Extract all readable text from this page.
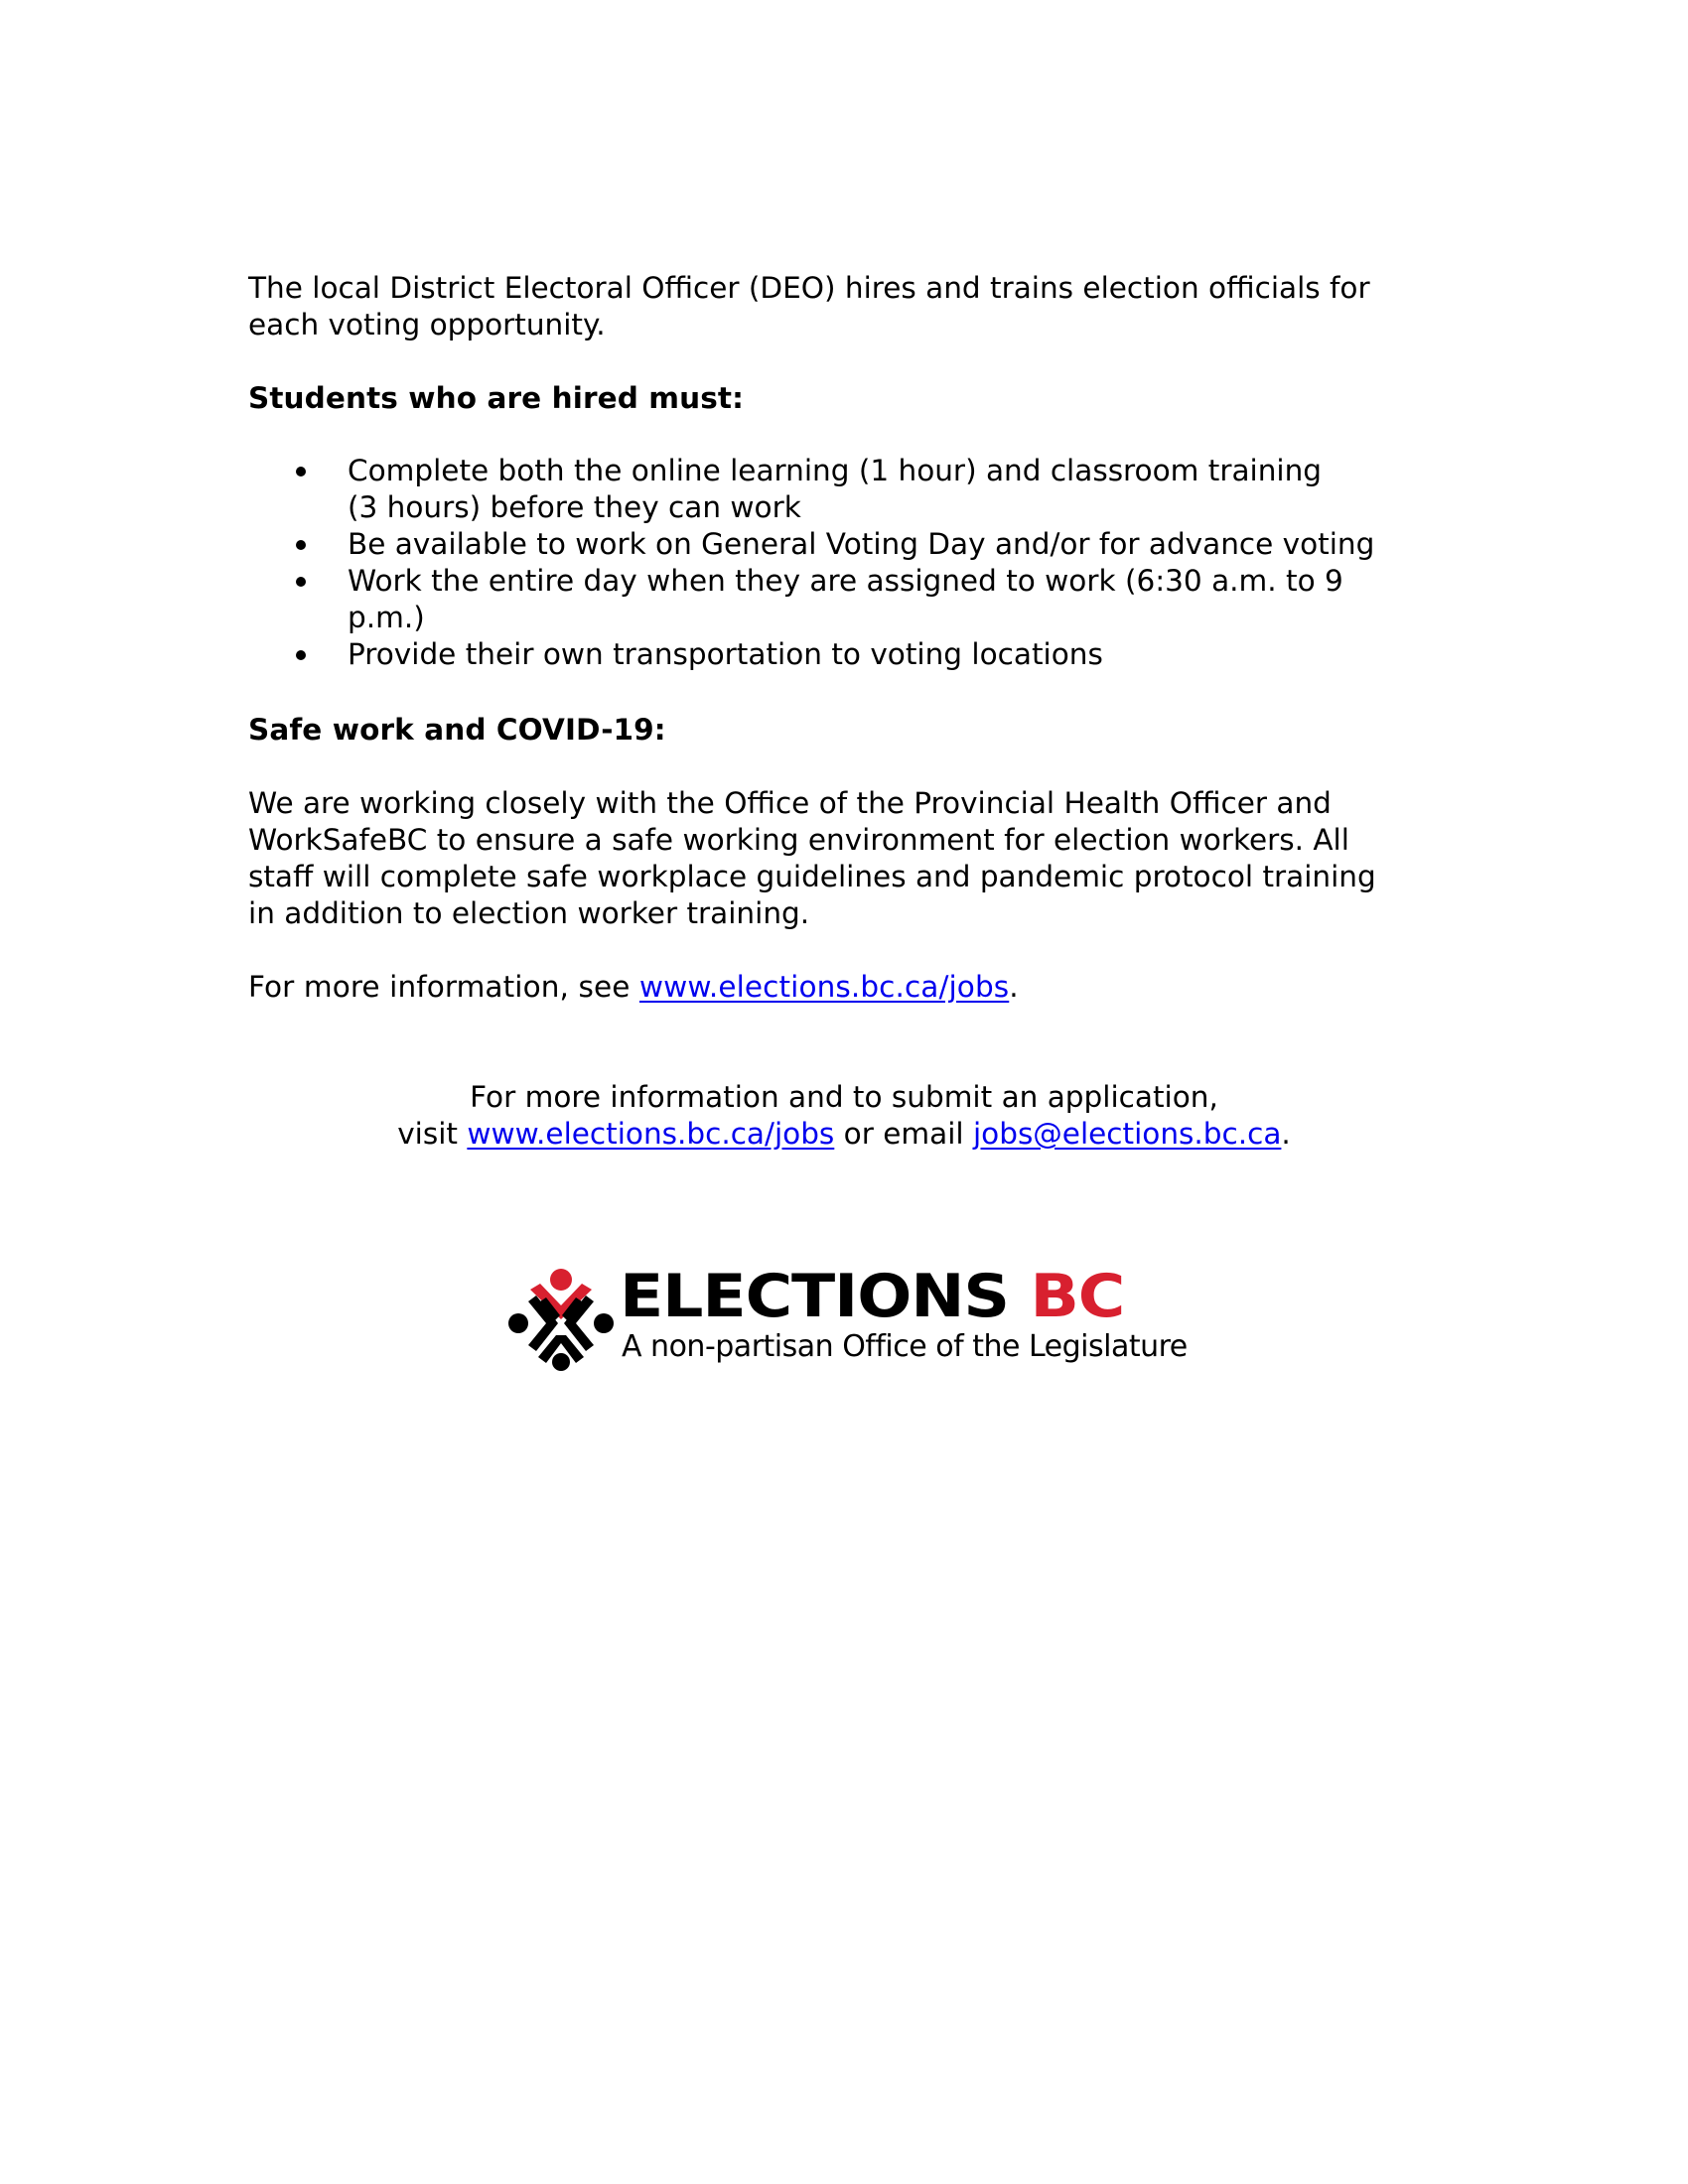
The local District Electoral Officer (DEO) hires and trains election officials for
each voting opportunity.
Students who are hired must:
Complete both the online learning (1 hour) and classroom training
(3 hours) before they can work
Be available to work on General Voting Day and/or for advance voting
Work the entire day when they are assigned to work (6:30 a.m. to 9
p.m.)
Provide their own transportation to voting locations
Safe work and COVID-19:
We are working closely with the Office of the Provincial Health Officer and
WorkSafeBC to ensure a safe working environment for election workers. All
staff will complete safe workplace guidelines and pandemic protocol training
in addition to election worker training.
For more information, see www.elections.bc.ca/jobs.
For more information and to submit an application,
visit www.elections.bc.ca/jobs or email jobs@elections.bc.ca.
ELECTIONS BC
A non-partisan Office of the Legislature
